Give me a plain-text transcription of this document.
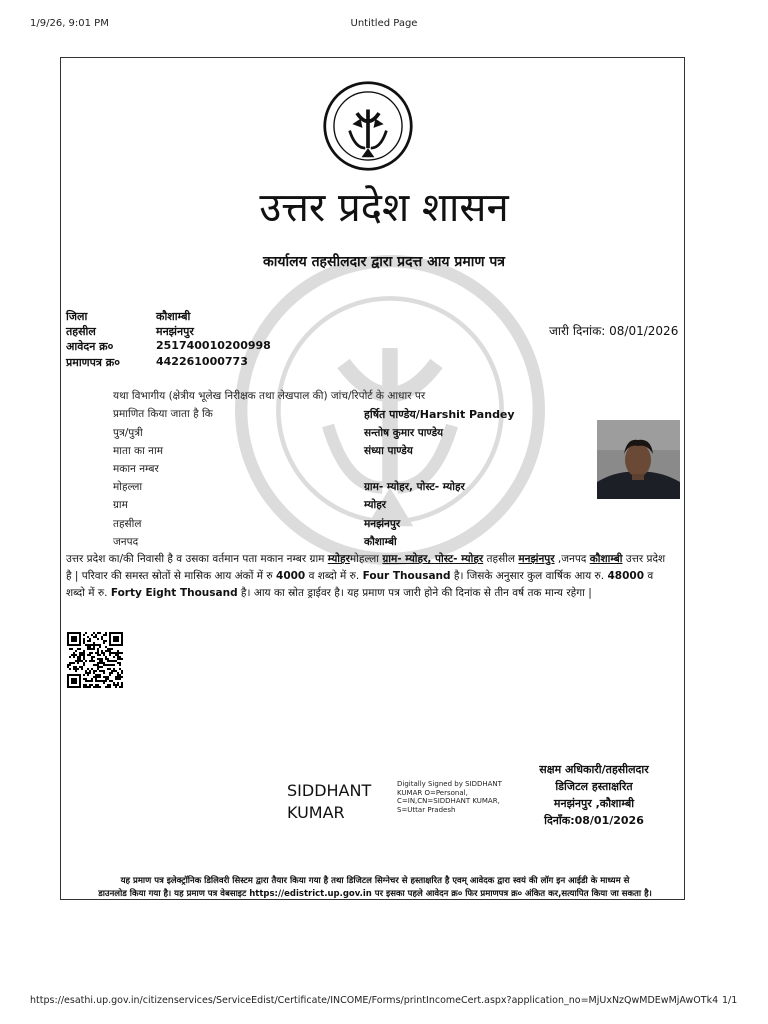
1/9/26, 9:01 PM	Untitled Page
उत्तर प्रदेश शासन
कार्यालय तहसीलदार द्वारा प्रदत्त आय प्रमाण पत्र
जिला	कौशाम्बी
तहसील	मनझंनपुर
आवेदन क्र०	251740010200998
प्रमाणपत्र क्र०	442261000773
जारी दिनांक: 08/01/2026
यथा विभागीय (क्षेत्रीय भूलेख निरीक्षक तथा लेखपाल की) जांच/रिपोर्ट के आधार पर
प्रमाणित किया जाता है कि	हर्षित पाण्डेय/Harshit Pandey
पुत्र/पुत्री	सन्तोष कुमार पाण्डेय
माता का नाम	संध्या पाण्डेय
मकान नम्बर
मोहल्ला	ग्राम- म्योहर, पोस्ट- म्योहर
ग्राम	म्योहर
तहसील	मनझंनपुर
जनपद	कौशाम्बी
उत्तर प्रदेश का/की निवासी है व उसका वर्तमान पता मकान नम्बर ग्राम म्योहरमोहल्ला ग्राम- म्योहर, पोस्ट- म्योहर तहसील मनझंनपुर ,जनपद कौशाम्बी उत्तर प्रदेश है | परिवार की समस्त स्रोतों से मासिक आय अंकों में रु 4000 व शब्दो में रु. Four Thousand है। जिसके अनुसार कुल वार्षिक आय रु. 48000 व शब्दो में रु. Forty Eight Thousand है। आय का स्रोत ड्राईवर है। यह प्रमाण पत्र जारी होने की दिनांक से तीन वर्ष तक मान्य रहेगा |
SIDDHANT
KUMAR
Digitally Signed by SIDDHANT
KUMAR O=Personal,
C=IN,CN=SIDDHANT KUMAR,
S=Uttar Pradesh
सक्षम अधिकारी/तहसीलदार
डिजिटल हस्ताक्षरित
मनझंनपुर ,कौशाम्बी
दिनाँक:08/01/2026
यह प्रमाण पत्र इलेक्ट्रॉनिक डिलिवरी सिस्टम द्वारा तैयार किया गया है तथा डिजिटल सिग्नेचर से हस्ताक्षरित है एवम् आवेदक द्वारा स्वयं की लॉग इन आईडी के माध्यम से
डाउनलोड किया गया है। यह प्रमाण पत्र वेबसाइट https://edistrict.up.gov.in पर इसका पहले आवेदन क्र० फिर प्रमाणपत्र क्र० अंकित कर,सत्यापित किया जा सकता है।
https://esathi.up.gov.in/citizenservices/ServiceEdist/Certificate/INCOME/Forms/printIncomeCert.aspx?application_no=MjUxNzQwMDEwMjAwOTk4 1/1
